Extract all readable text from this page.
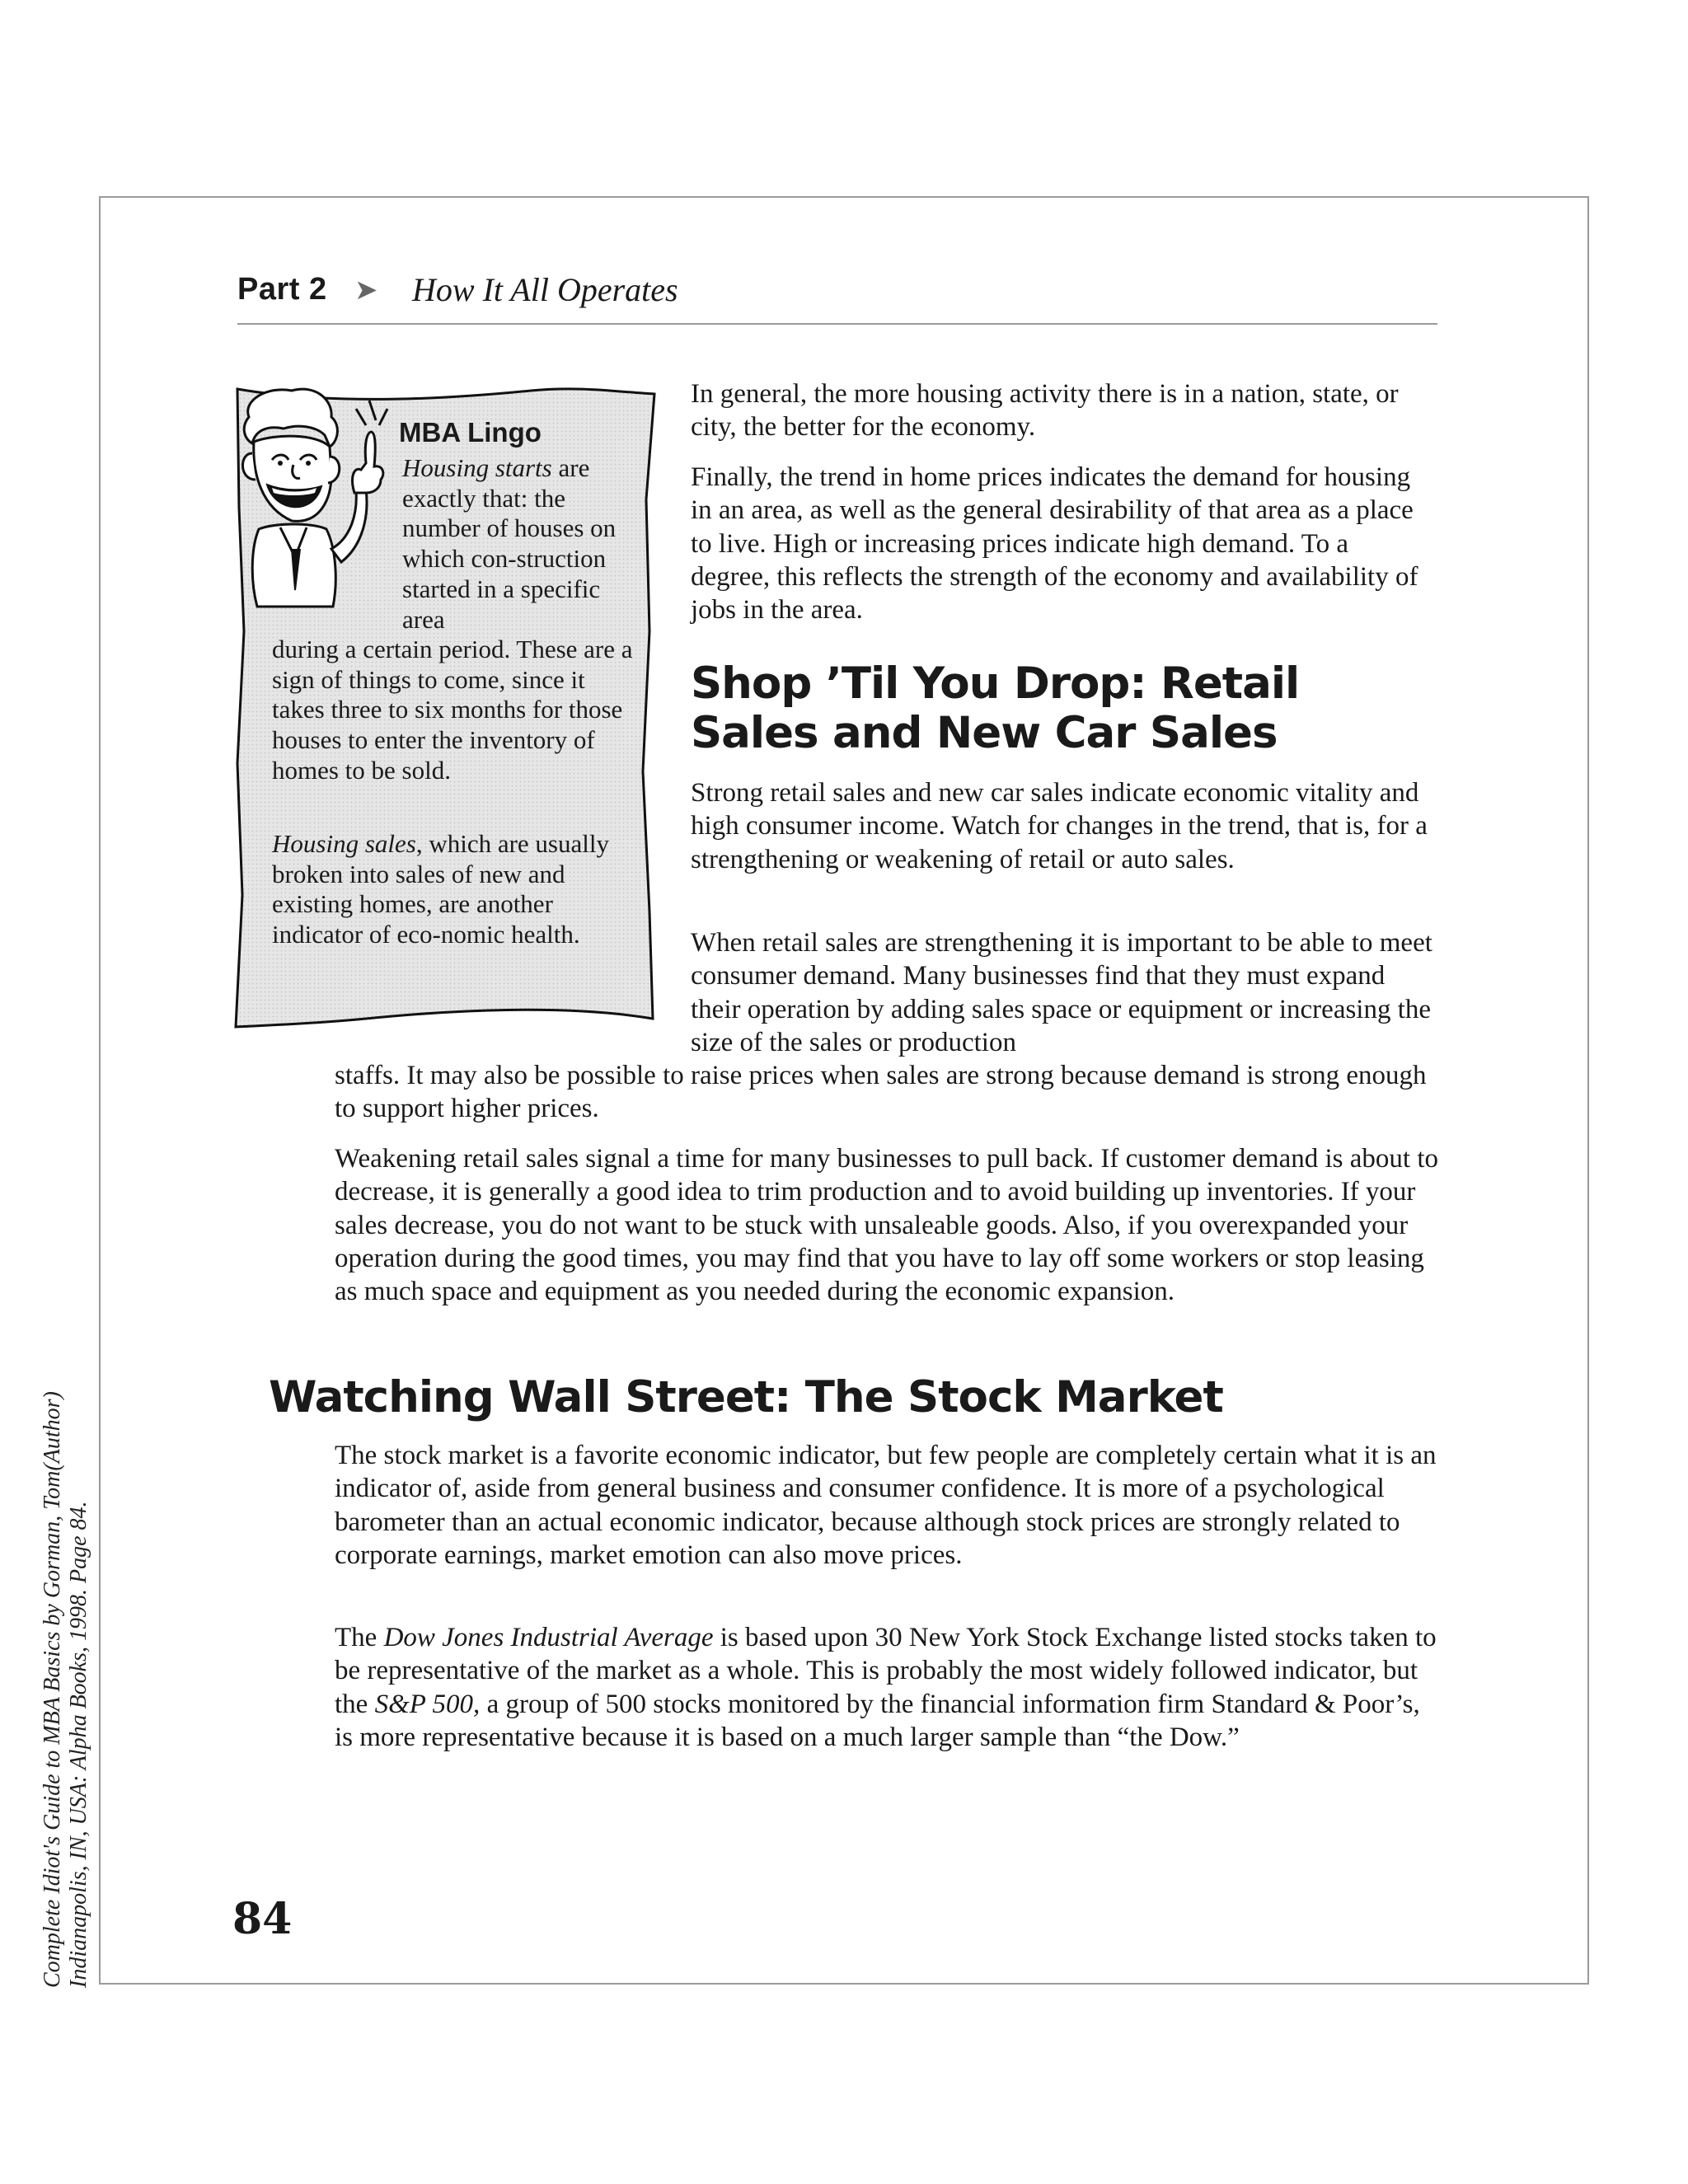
Part 2 ➤ How It All Operates
MBA Lingo
Housing starts are exactly that: the number of houses on which con-struction started in a specific area
during a certain period. These are a sign of things to come, since it takes three to six months for those houses to enter the inventory of homes to be sold.

Housing sales, which are usually broken into sales of new and existing homes, are another indicator of eco-nomic health.

In general, the more housing activity there is in a nation, state, or city, the better for the economy.

Finally, the trend in home prices indicates the demand for housing in an area, as well as the general desirability of that area as a place to live. High or increasing prices indicate high demand. To a degree, this reflects the strength of the economy and availability of jobs in the area.

Shop ’Til You Drop: Retail Sales and New Car Sales

Strong retail sales and new car sales indicate economic vitality and high consumer income. Watch for changes in the trend, that is, for a strengthening or weakening of retail or auto sales.

When retail sales are strengthening it is important to be able to meet consumer demand. Many businesses find that they must expand their operation by adding sales space or equipment or increasing the size of the sales or production

staffs. It may also be possible to raise prices when sales are strong because demand is strong enough to support higher prices.

Weakening retail sales signal a time for many businesses to pull back. If customer demand is about to decrease, it is generally a good idea to trim production and to avoid building up inventories. If your sales decrease, you do not want to be stuck with unsaleable goods. Also, if you overexpanded your operation during the good times, you may find that you have to lay off some workers or stop leasing as much space and equipment as you needed during the economic expansion.

Watching Wall Street: The Stock Market

The stock market is a favorite economic indicator, but few people are completely certain what it is an indicator of, aside from general business and consumer confidence. It is more of a psychological barometer than an actual economic indicator, because although stock prices are strongly related to corporate earnings, market emotion can also move prices.

The Dow Jones Industrial Average is based upon 30 New York Stock Exchange listed stocks taken to be representative of the market as a whole. This is probably the most widely followed indicator, but the S&P 500, a group of 500 stocks monitored by the financial information firm Standard & Poor’s, is more representative because it is based on a much larger sample than “the Dow.”

84
Complete Idiot's Guide to MBA Basics by Gorman, Tom(Author) Indianapolis, IN, USA: Alpha Books, 1998. Page 84.
